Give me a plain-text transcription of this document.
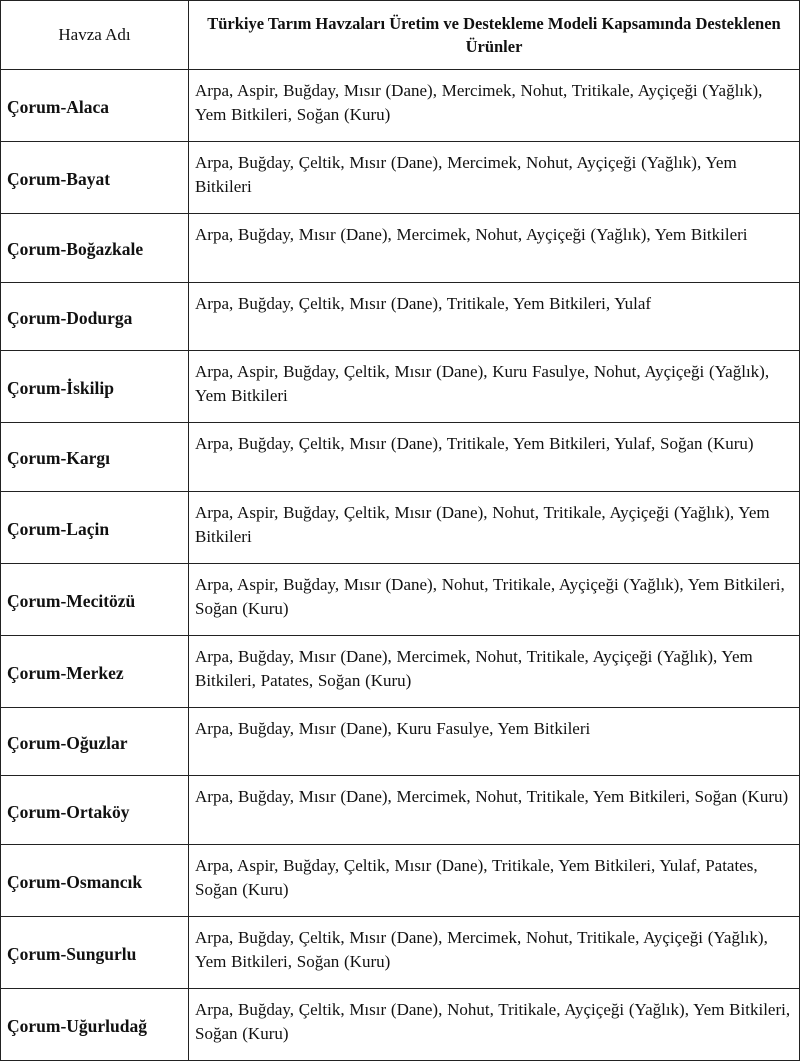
Havza Adı	Türkiye Tarım Havzaları Üretim ve Destekleme Modeli Kapsamında Desteklenen Ürünler
Çorum-Alaca	Arpa, Aspir, Buğday, Mısır (Dane), Mercimek, Nohut, Tritikale, Ayçiçeği (Yağlık), Yem Bitkileri, Soğan (Kuru)
Çorum-Bayat	Arpa, Buğday, Çeltik, Mısır (Dane), Mercimek, Nohut, Ayçiçeği (Yağlık), Yem Bitkileri
Çorum-Boğazkale	Arpa, Buğday, Mısır (Dane), Mercimek, Nohut, Ayçiçeği (Yağlık), Yem Bitkileri
Çorum-Dodurga	Arpa, Buğday, Çeltik, Mısır (Dane), Tritikale, Yem Bitkileri, Yulaf
Çorum-İskilip	Arpa, Aspir, Buğday, Çeltik, Mısır (Dane), Kuru Fasulye, Nohut, Ayçiçeği (Yağlık), Yem Bitkileri
Çorum-Kargı	Arpa, Buğday, Çeltik, Mısır (Dane), Tritikale, Yem Bitkileri, Yulaf, Soğan (Kuru)
Çorum-Laçin	Arpa, Aspir, Buğday, Çeltik, Mısır (Dane), Nohut, Tritikale, Ayçiçeği (Yağlık), Yem Bitkileri
Çorum-Mecitözü	Arpa, Aspir, Buğday, Mısır (Dane), Nohut, Tritikale, Ayçiçeği (Yağlık), Yem Bitkileri, Soğan (Kuru)
Çorum-Merkez	Arpa, Buğday, Mısır (Dane), Mercimek, Nohut, Tritikale, Ayçiçeği (Yağlık), Yem Bitkileri, Patates, Soğan (Kuru)
Çorum-Oğuzlar	Arpa, Buğday, Mısır (Dane), Kuru Fasulye, Yem Bitkileri
Çorum-Ortaköy	Arpa, Buğday, Mısır (Dane), Mercimek, Nohut, Tritikale, Yem Bitkileri, Soğan (Kuru)
Çorum-Osmancık	Arpa, Aspir, Buğday, Çeltik, Mısır (Dane), Tritikale, Yem Bitkileri, Yulaf, Patates, Soğan (Kuru)
Çorum-Sungurlu	Arpa, Buğday, Çeltik, Mısır (Dane), Mercimek, Nohut, Tritikale, Ayçiçeği (Yağlık), Yem Bitkileri, Soğan (Kuru)
Çorum-Uğurludağ	Arpa, Buğday, Çeltik, Mısır (Dane), Nohut, Tritikale, Ayçiçeği (Yağlık), Yem Bitkileri, Soğan (Kuru)
